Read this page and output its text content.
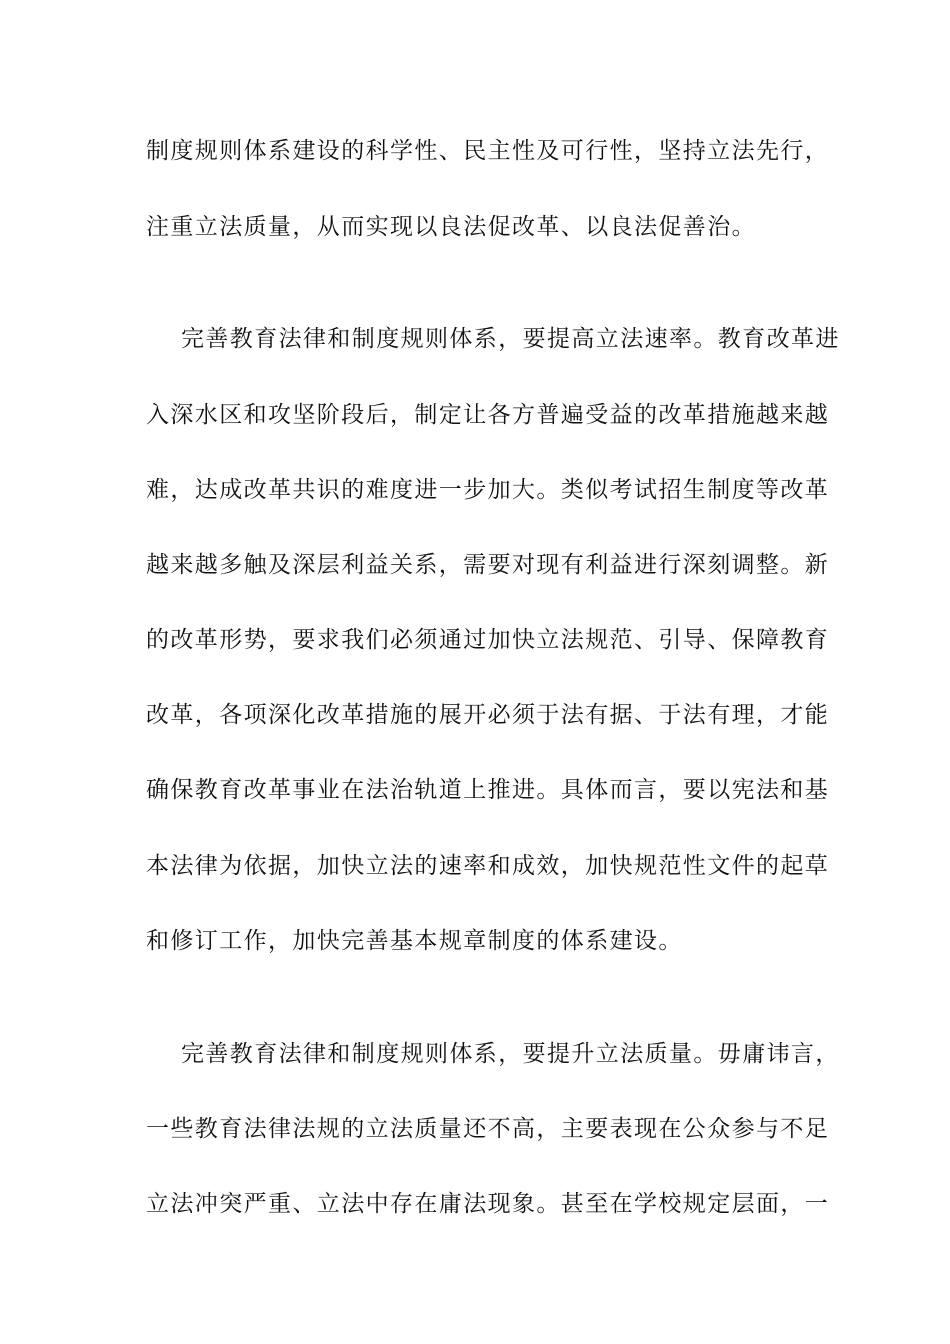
制度规则体系建设的科学性、民主性及可行性，坚持立法先行，
注重立法质量，从而实现以良法促改革、以良法促善治。
完善教育法律和制度规则体系，要提高立法速率。教育改革进
入深水区和攻坚阶段后，制定让各方普遍受益的改革措施越来越
难，达成改革共识的难度进一步加大。类似考试招生制度等改革
越来越多触及深层利益关系，需要对现有利益进行深刻调整。新
的改革形势，要求我们必须通过加快立法规范、引导、保障教育
改革，各项深化改革措施的展开必须于法有据、于法有理，才能
确保教育改革事业在法治轨道上推进。具体而言，要以宪法和基
本法律为依据，加快立法的速率和成效，加快规范性文件的起草
和修订工作，加快完善基本规章制度的体系建设。
完善教育法律和制度规则体系，要提升立法质量。毋庸讳言，
一些教育法律法规的立法质量还不高，主要表现在公众参与不足
立法冲突严重、立法中存在庸法现象。甚至在学校规定层面，一
